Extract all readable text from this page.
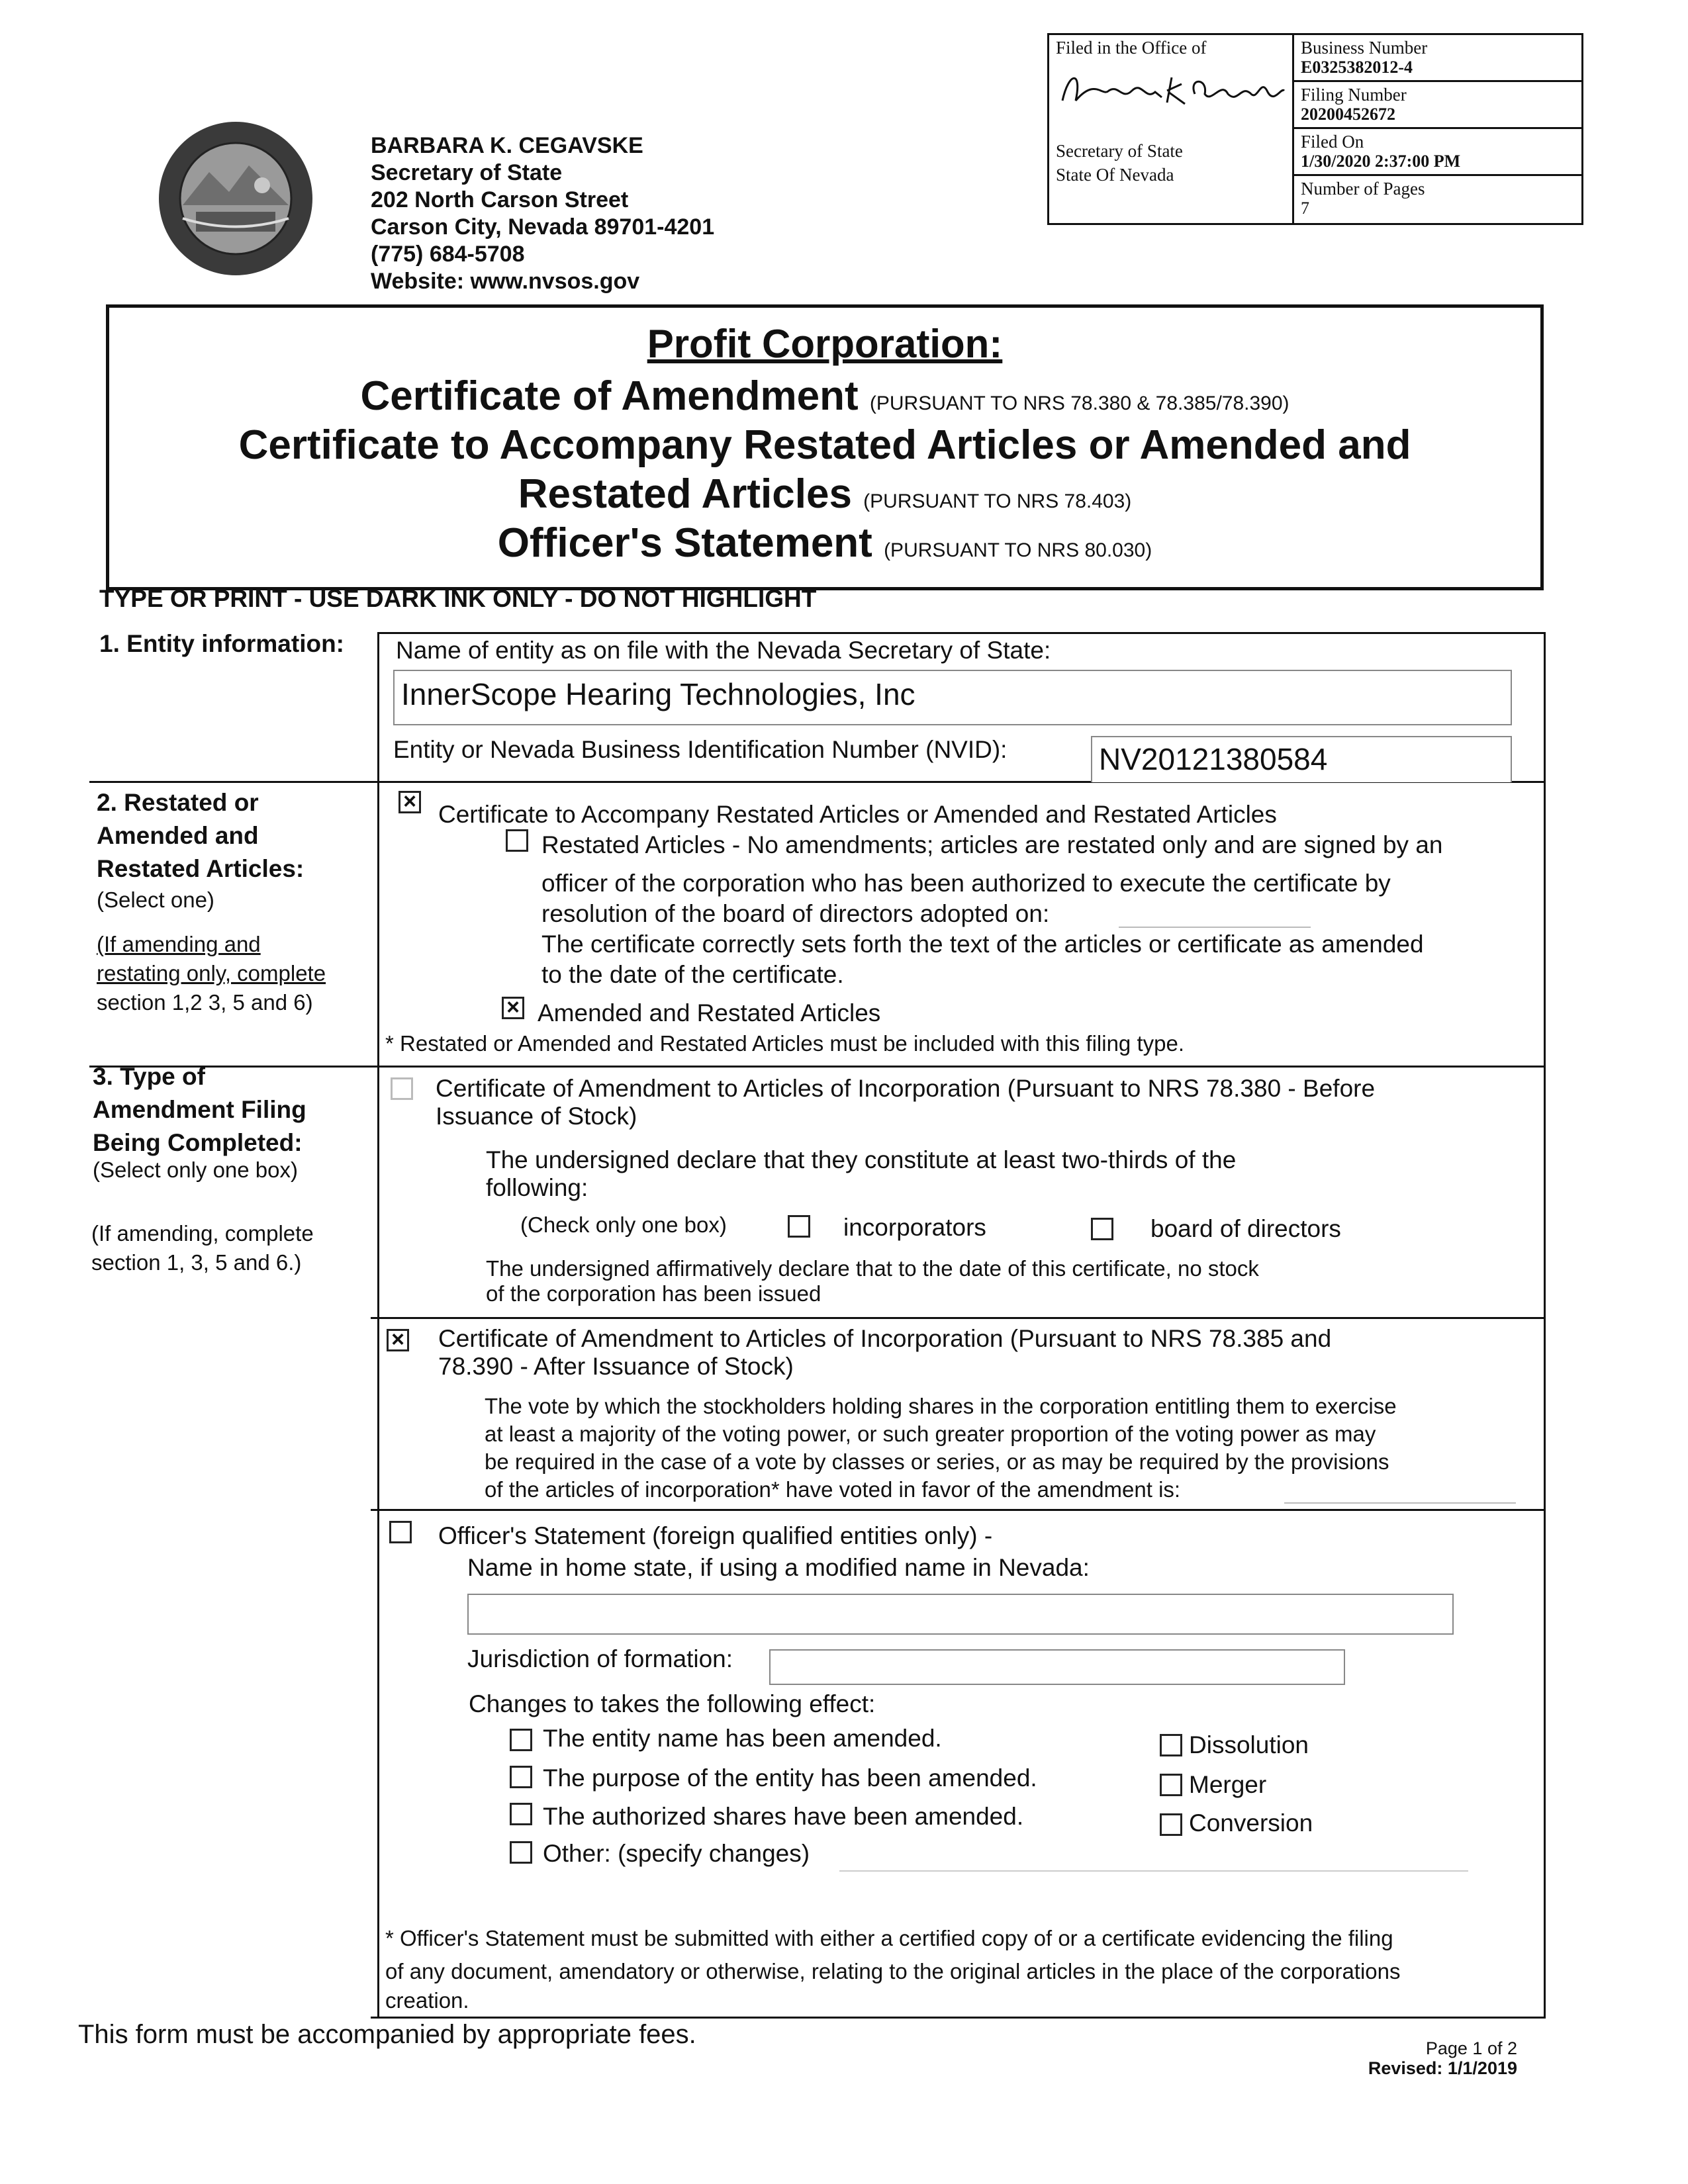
Filed in the Office of
Secretary of State
State Of Nevada
Business Number
E0325382012-4
Filing Number
20200452672
Filed On
1/30/2020 2:37:00 PM
Number of Pages
7
BARBARA K. CEGAVSKE
Secretary of State
202 North Carson Street
Carson City, Nevada 89701-4201
(775) 684-5708
Website: www.nvsos.gov
Profit Corporation:
Certificate of Amendment (PURSUANT TO NRS 78.380 & 78.385/78.390)
Certificate to Accompany Restated Articles or Amended and
Restated Articles (PURSUANT TO NRS 78.403)
Officer's Statement (PURSUANT TO NRS 80.030)
TYPE OR PRINT - USE DARK INK ONLY - DO NOT HIGHLIGHT
1. Entity information: Name of entity as on file with the Nevada Secretary of State:
InnerScope Hearing Technologies, Inc
Entity or Nevada Business Identification Number (NVID):	NV20121380584
2. Restated or
Amended and
Restated Articles:
(Select one)
(If amending and
restating only, complete
section 1,2 3, 5 and 6)
× Certificate to Accompany Restated Articles or Amended and Restated Articles
Restated Articles - No amendments; articles are restated only and are signed by an
officer of the corporation who has been authorized to execute the certificate by
resolution of the board of directors adopted on:
The certificate correctly sets forth the text of the articles or certificate as amended
to the date of the certificate.
× Amended and Restated Articles
* Restated or Amended and Restated Articles must be included with this filing type.
3. Type of
Amendment Filing
Being Completed:
(Select only one box)
(If amending, complete
section 1, 3, 5 and 6.)
Certificate of Amendment to Articles of Incorporation (Pursuant to NRS 78.380 - Before
Issuance of Stock)
The undersigned declare that they constitute at least two-thirds of the
following:
(Check only one box)	incorporators	board of directors
The undersigned affirmatively declare that to the date of this certificate, no stock
of the corporation has been issued
× Certificate of Amendment to Articles of Incorporation (Pursuant to NRS 78.385 and
78.390 - After Issuance of Stock)
The vote by which the stockholders holding shares in the corporation entitling them to exercise
at least a majority of the voting power, or such greater proportion of the voting power as may
be required in the case of a vote by classes or series, or as may be required by the provisions
of the articles of incorporation* have voted in favor of the amendment is:
Officer's Statement (foreign qualified entities only) -
Name in home state, if using a modified name in Nevada:
Jurisdiction of formation:
Changes to takes the following effect:
The entity name has been amended.
The purpose of the entity has been amended.
The authorized shares have been amended.
Other: (specify changes)
Dissolution
Merger
Conversion
* Officer's Statement must be submitted with either a certified copy of or a certificate evidencing the filing
of any document, amendatory or otherwise, relating to the original articles in the place of the corporations
creation.
This form must be accompanied by appropriate fees.	Page 1 of 2
Revised: 1/1/2019
